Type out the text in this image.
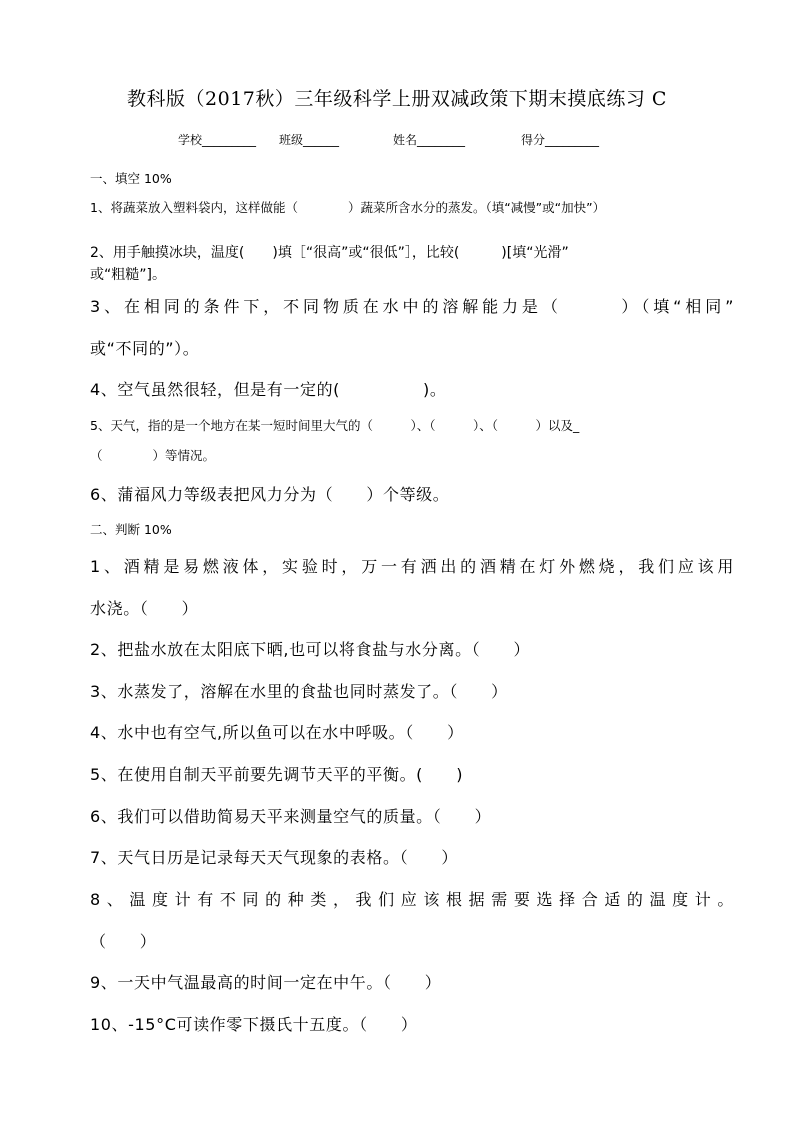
教科版（2017秋）三年级科学上册双减政策下期末摸底练习 C
学校_________ 班级______	姓名________	得分_________
一、填空 10%
1、将蔬菜放入塑料袋内，这样做能（　　　　）蔬菜所含水分的蒸发。（填“减慢”或“加快”）
2、用手触摸冰块，温度(　　)填［“很高”或“很低”］，比较(　　　)[填“光滑”
或“粗糙”]。
3、在相同的条件下，不同物质在水中的溶解能力是（　　　）（填“相同”
或“不同的”）。
4、空气虽然很轻，但是有一定的(　　　　　)。
5、天气，指的是一个地方在某一短时间里大气的（　　　）、（　　　）、（　　　）以及_
（　　　　）等情况。
6、蒲福风力等级表把风力分为（　　）个等级。
二、判断 10%
1、酒精是易燃液体，实验时，万一有洒出的酒精在灯外燃烧，我们应该用
水浇。（　　）
2、把盐水放在太阳底下晒,也可以将食盐与水分离。（　　）
3、水蒸发了，溶解在水里的食盐也同时蒸发了。（　　）
4、水中也有空气,所以鱼可以在水中呼吸。（　　）
5、在使用自制天平前要先调节天平的平衡。(　　)
6、我们可以借助简易天平来测量空气的质量。（　　）
7、天气日历是记录每天天气现象的表格。（　　）
8、温度计有不同的种类，我们应该根据需要选择合适的温度计。
（　　）
9、一天中气温最高的时间一定在中午。（　　）
10、-15°C可读作零下摄氏十五度。（　　）
